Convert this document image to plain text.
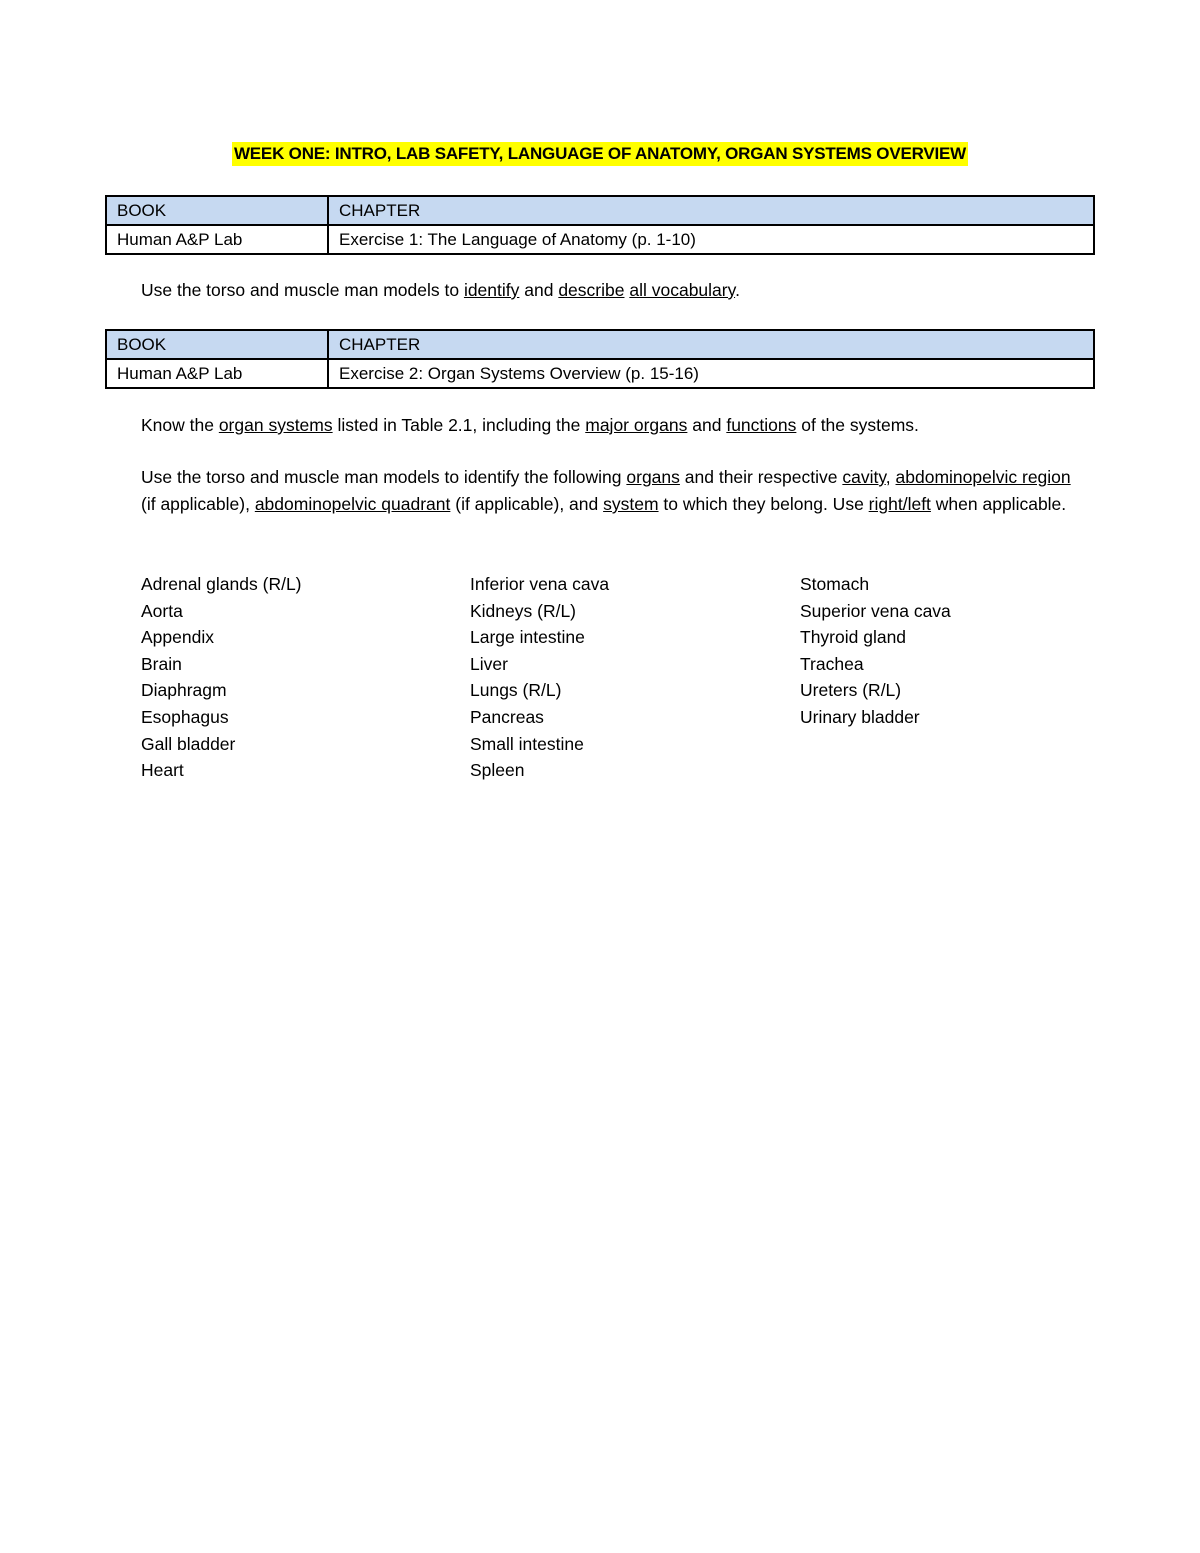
WEEK ONE: INTRO, LAB SAFETY, LANGUAGE OF ANATOMY, ORGAN SYSTEMS OVERVIEW
BOOK	CHAPTER
Human A&P Lab	Exercise 1: The Language of Anatomy (p. 1-10)
Use the torso and muscle man models to identify and describe all vocabulary.
BOOK	CHAPTER
Human A&P Lab	Exercise 2: Organ Systems Overview (p. 15-16)
Know the organ systems listed in Table 2.1, including the major organs and functions of the systems.
Use the torso and muscle man models to identify the following organs and their respective cavity, abdominopelvic region (if applicable), abdominopelvic quadrant (if applicable), and system to which they belong. Use right/left when applicable.
Adrenal glands (R/L)
Aorta
Appendix
Brain
Diaphragm
Esophagus
Gall bladder
Heart
Inferior vena cava
Kidneys (R/L)
Large intestine
Liver
Lungs (R/L)
Pancreas
Small intestine
Spleen
Stomach
Superior vena cava
Thyroid gland
Trachea
Ureters (R/L)
Urinary bladder
